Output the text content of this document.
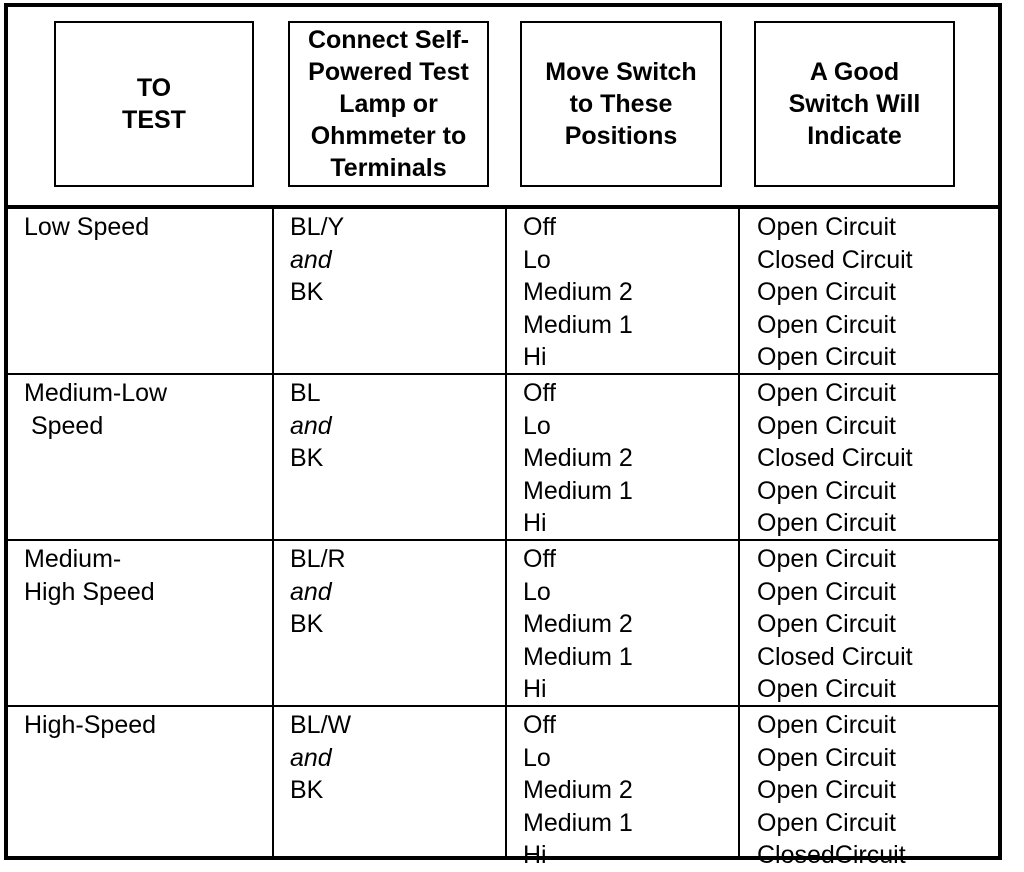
TO
TEST
Connect Self-
Powered Test
Lamp or
Ohmmeter to
Terminals
Move Switch
to These
Positions
A Good
Switch Will
Indicate
Low Speed	BL/Y
and
BK
Off
Lo
Medium 2
Medium 1
Hi
Open Circuit
Closed Circuit
Open Circuit
Open Circuit
Open Circuit
Medium-Low
Speed
BL
and
BK
Off
Lo
Medium 2
Medium 1
Hi
Open Circuit
Open Circuit
Closed Circuit
Open Circuit
Open Circuit
Medium-
High Speed
BL/R
and
BK
Off
Lo
Medium 2
Medium 1
Hi
Open Circuit
Open Circuit
Open Circuit
Closed Circuit
Open Circuit
High-Speed	BL/W
and
BK
Off
Lo
Medium 2
Medium 1
Hi
Open Circuit
Open Circuit
Open Circuit
Open Circuit
ClosedCircuit
